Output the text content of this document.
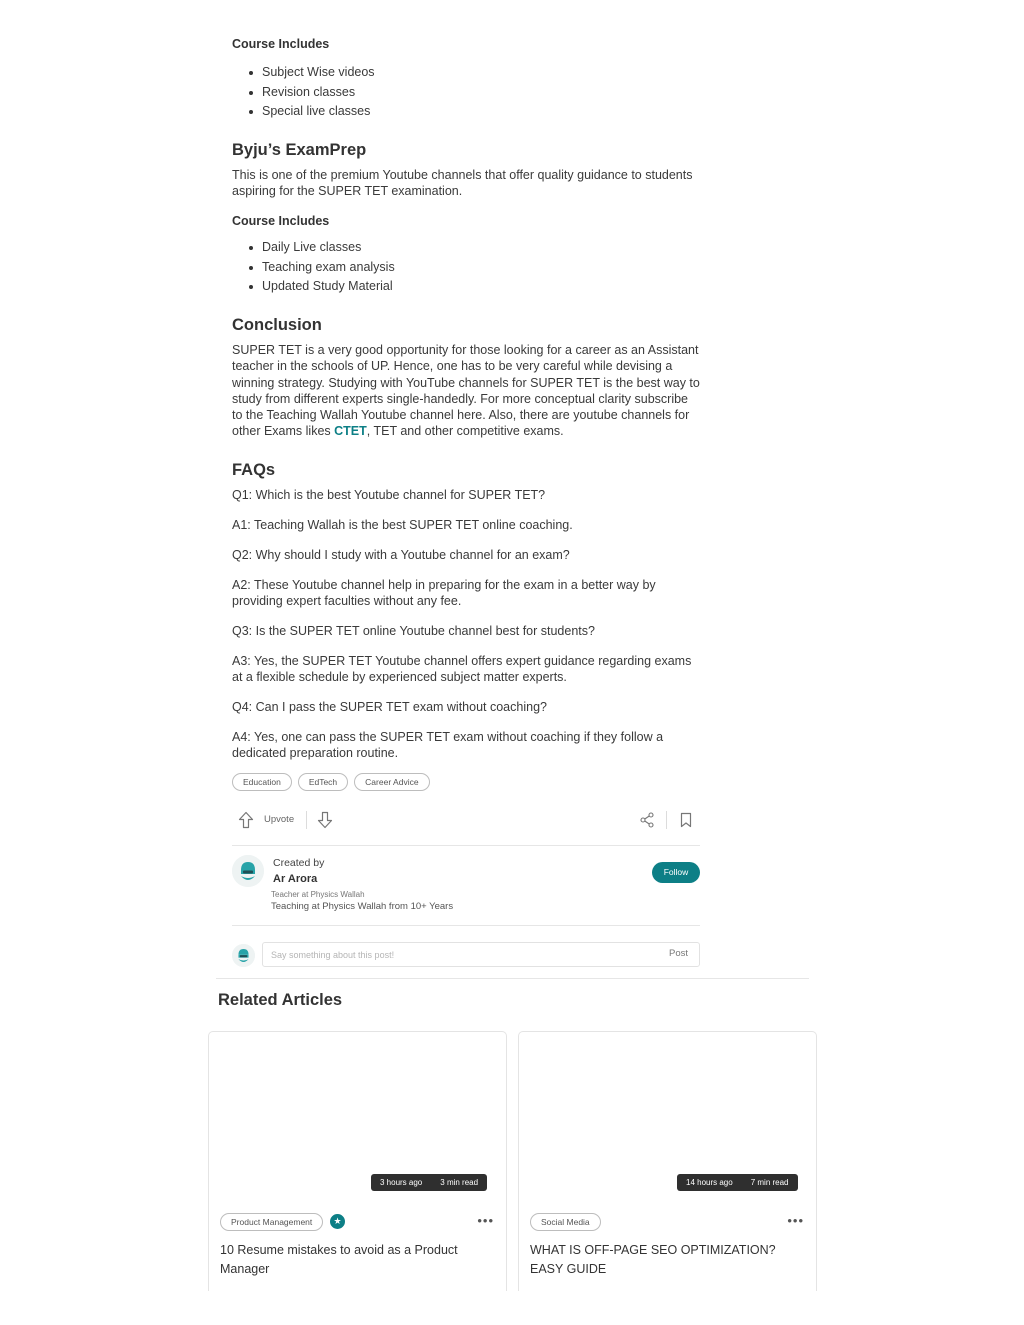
Course Includes
Subject Wise videos
Revision classes
Special live classes
Byju’s ExamPrep

This is one of the premium Youtube channels that offer quality guidance to students aspiring for the SUPER TET examination.

Course Includes
Daily Live classes
Teaching exam analysis
Updated Study Material
Conclusion

SUPER TET is a very good opportunity for those looking for a career as an Assistant teacher in the schools of UP. Hence, one has to be very careful while devising a winning strategy. Studying with YouTube channels for SUPER TET is the best way to study from different experts single-handedly. For more conceptual clarity subscribe to the Teaching Wallah Youtube channel here. Also, there are youtube channels for other Exams likes CTET, TET and other competitive exams.

FAQs

Q1: Which is the best Youtube channel for SUPER TET?

A1: Teaching Wallah is the best SUPER TET online coaching.

Q2: Why should I study with a Youtube channel for an exam?

A2: These Youtube channel help in preparing for the exam in a better way by providing expert faculties without any fee.

Q3: Is the SUPER TET online Youtube channel best for students?

A3: Yes, the SUPER TET Youtube channel offers expert guidance regarding exams at a flexible schedule by experienced subject matter experts.

Q4: Can I pass the SUPER TET exam without coaching?

A4: Yes, one can pass the SUPER TET exam without coaching if they follow a dedicated preparation routine.

Education	EdTech	Career Advice
Upvote
Created by
Ar Arora
Teacher at Physics Wallah
Teaching at Physics Wallah from 10+ Years
Follow
Say something about this post!
Post
Related Articles
3 hours ago 3 min read
Product Management	★	•••
10 Resume mistakes to avoid as a Product Manager
14 hours ago 7 min read
Social Media	•••
WHAT IS OFF-PAGE SEO OPTIMIZATION? EASY GUIDE
